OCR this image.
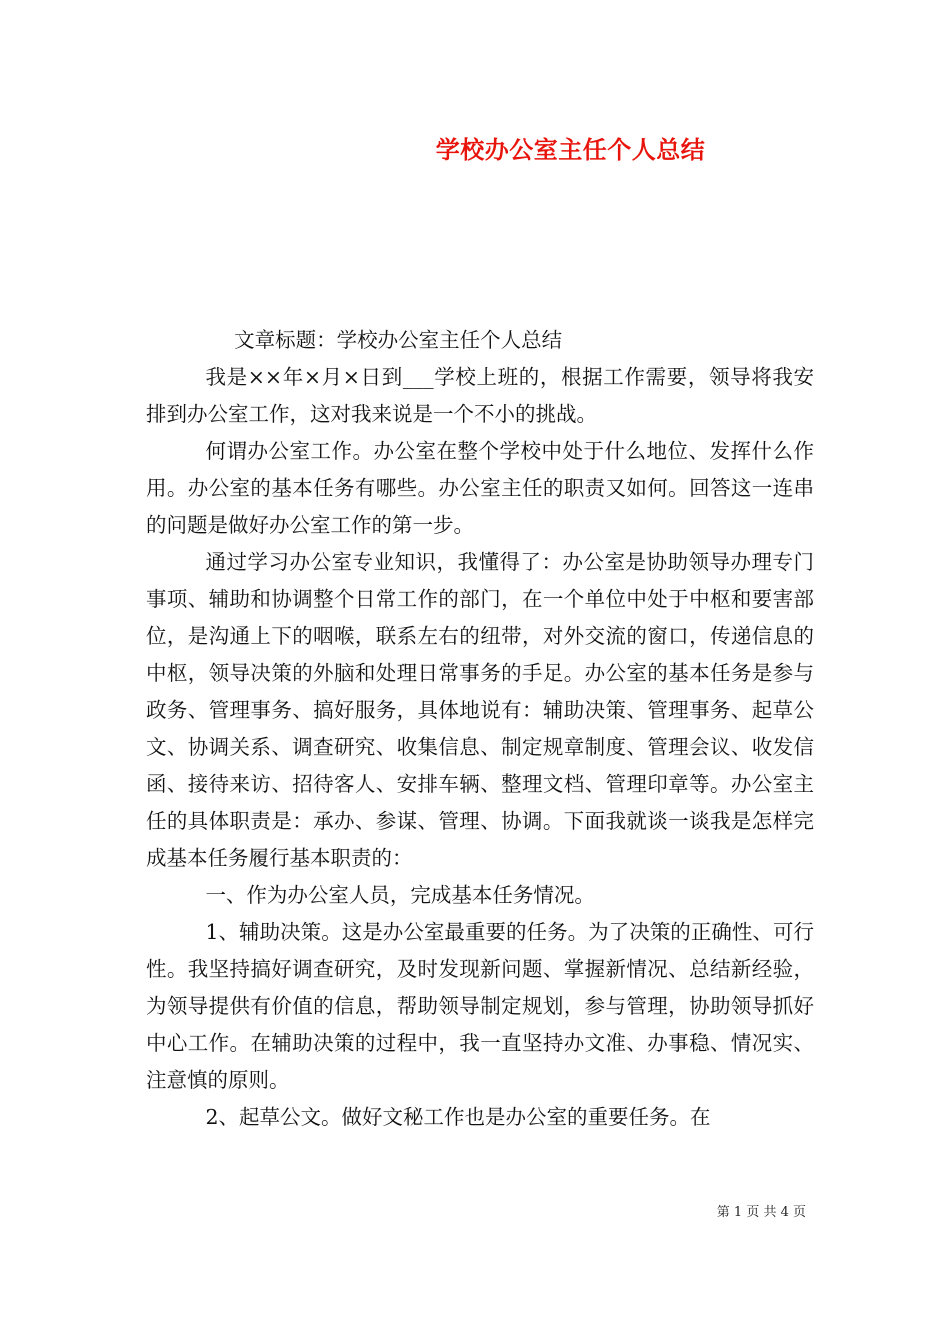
学校办公室主任个人总结

文章标题：学校办公室主任个人总结

我是××年×月×日到___学校上班的，根据工作需要，领导将我安排到办公室工作，这对我来说是一个不小的挑战。

何谓办公室工作。办公室在整个学校中处于什么地位、发挥什么作用。办公室的基本任务有哪些。办公室主任的职责又如何。回答这一连串的问题是做好办公室工作的第一步。

通过学习办公室专业知识，我懂得了：办公室是协助领导办理专门事项、辅助和协调整个日常工作的部门，在一个单位中处于中枢和要害部位，是沟通上下的咽喉，联系左右的纽带，对外交流的窗口，传递信息的中枢，领导决策的外脑和处理日常事务的手足。办公室的基本任务是参与政务、管理事务、搞好服务，具体地说有：辅助决策、管理事务、起草公文、协调关系、调查研究、收集信息、制定规章制度、管理会议、收发信函、接待来访、招待客人、安排车辆、整理文档、管理印章等。办公室主任的具体职责是：承办、参谋、管理、协调。下面我就谈一谈我是怎样完成基本任务履行基本职责的：

一、作为办公室人员，完成基本任务情况。

1、辅助决策。这是办公室最重要的任务。为了决策的正确性、可行性。我坚持搞好调查研究，及时发现新问题、掌握新情况、总结新经验，为领导提供有价值的信息，帮助领导制定规划，参与管理，协助领导抓好中心工作。在辅助决策的过程中，我一直坚持办文准、办事稳、情况实、注意慎的原则。

2、起草公文。做好文秘工作也是办公室的重要任务。在

第 1 页 共 4 页
